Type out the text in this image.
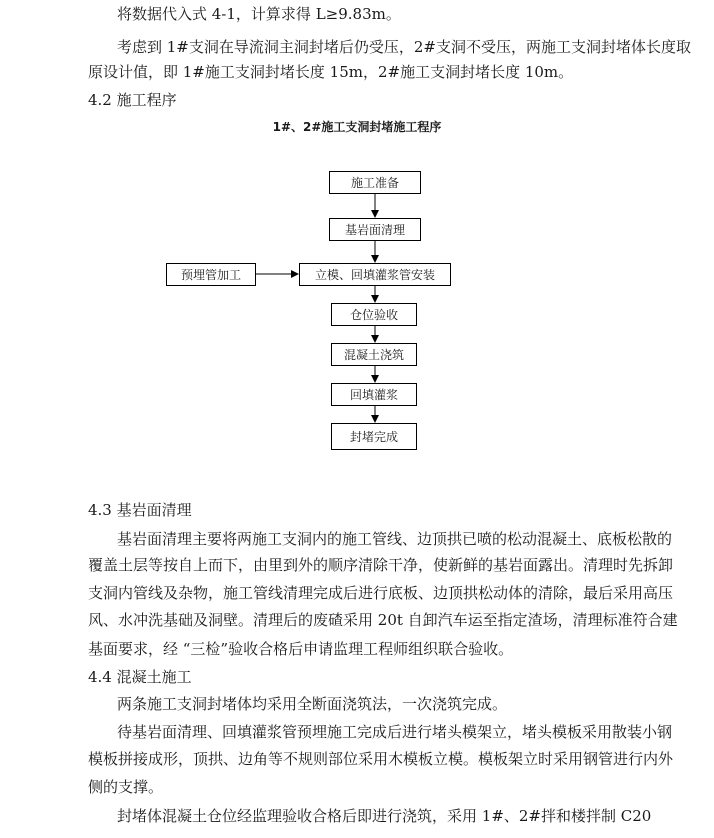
将数据代入式 4-1，计算求得 L≥9.83m。
考虑到 1#支洞在导流洞主洞封堵后仍受压，2#支洞不受压，两施工支洞封堵体长度取
原设计值，即 1#施工支洞封堵长度 15m，2#施工支洞封堵长度 10m。
4.2 施工程序
1#、2#施工支洞封堵施工程序
施工准备
基岩面清理
立模、回填灌浆管安装
预埋管加工
仓位验收
混凝土浇筑
回填灌浆
封堵完成
4.3 基岩面清理
基岩面清理主要将两施工支洞内的施工管线、边顶拱已喷的松动混凝土、底板松散的
覆盖土层等按自上而下，由里到外的顺序清除干净，使新鲜的基岩面露出。清理时先拆卸
支洞内管线及杂物，施工管线清理完成后进行底板、边顶拱松动体的清除，最后采用高压
风、水冲洗基础及洞壁。清理后的废碴采用 20t 自卸汽车运至指定渣场，清理标准符合建
基面要求，经 “三检”验收合格后申请监理工程师组织联合验收。
4.4 混凝土施工
两条施工支洞封堵体均采用全断面浇筑法，一次浇筑完成。
待基岩面清理、回填灌浆管预埋施工完成后进行堵头模架立，堵头模板采用散装小钢
模板拼接成形，顶拱、边角等不规则部位采用木模板立模。模板架立时采用钢管进行内外
侧的支撑。
封堵体混凝土仓位经监理验收合格后即进行浇筑，采用 1#、2#拌和楼拌制 C20
